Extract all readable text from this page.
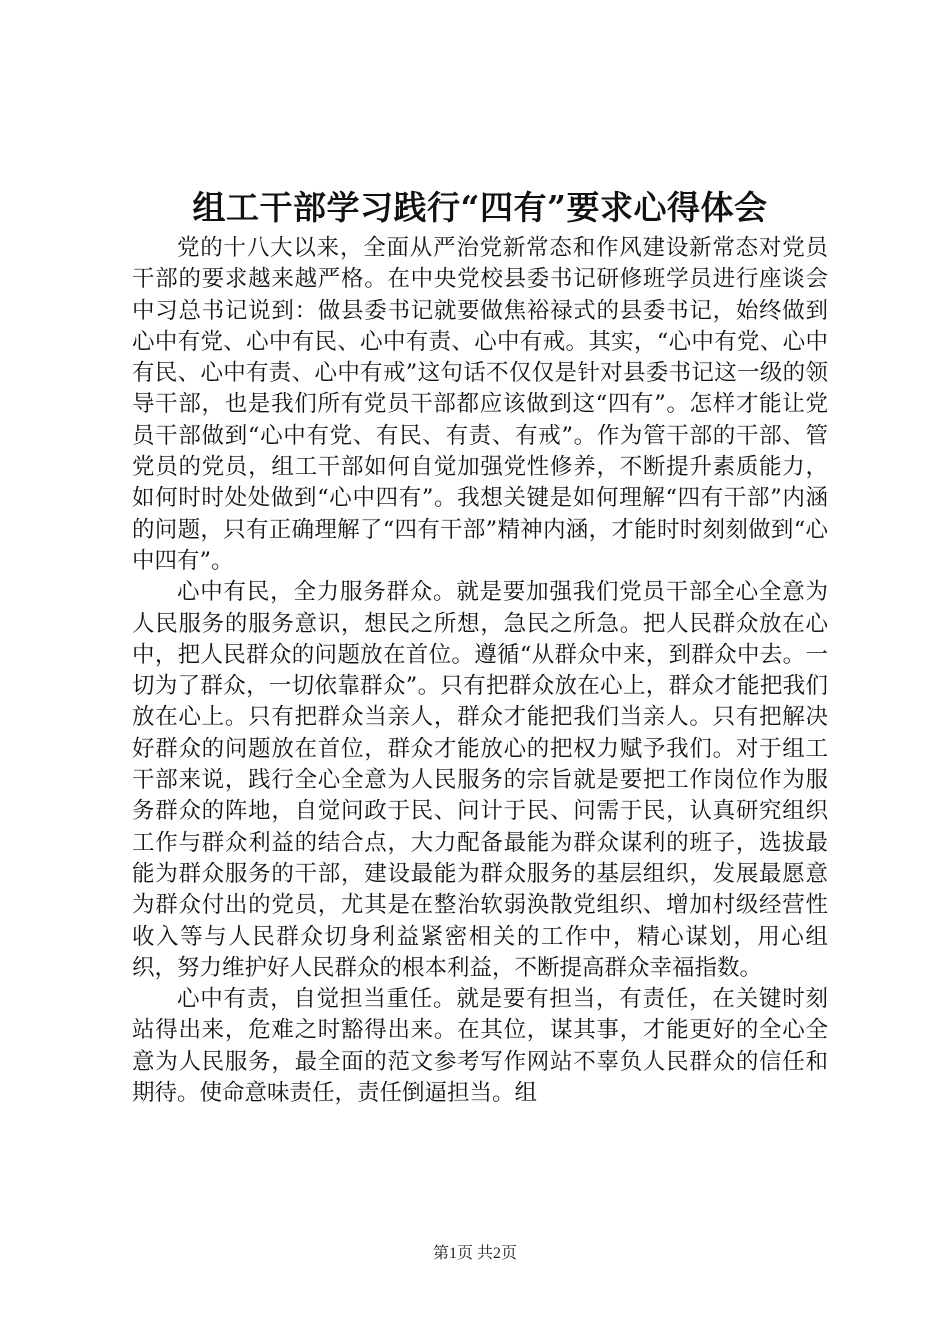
组工干部学习践行“四有”要求心得体会

党的十八大以来，全面从严治党新常态和作风建设新常态对党员干部的要求越来越严格。在中央党校县委书记研修班学员进行座谈会中习总书记说到：做县委书记就要做焦裕禄式的县委书记，始终做到心中有党、心中有民、心中有责、心中有戒。其实，“心中有党、心中有民、心中有责、心中有戒”这句话不仅仅是针对县委书记这一级的领导干部，也是我们所有党员干部都应该做到这“四有”。怎样才能让党员干部做到“心中有党、有民、有责、有戒”。作为管干部的干部、管党员的党员，组工干部如何自觉加强党性修养，不断提升素质能力，如何时时处处做到“心中四有”。我想关键是如何理解“四有干部”内涵的问题，只有正确理解了“四有干部”精神内涵，才能时时刻刻做到“心中四有”。

心中有民，全力服务群众。就是要加强我们党员干部全心全意为人民服务的服务意识，想民之所想，急民之所急。把人民群众放在心中，把人民群众的问题放在首位。遵循“从群众中来，到群众中去。一切为了群众，一切依靠群众”。只有把群众放在心上，群众才能把我们放在心上。只有把群众当亲人，群众才能把我们当亲人。只有把解决好群众的问题放在首位，群众才能放心的把权力赋予我们。对于组工干部来说，践行全心全意为人民服务的宗旨就是要把工作岗位作为服务群众的阵地，自觉问政于民、问计于民、问需于民，认真研究组织工作与群众利益的结合点，大力配备最能为群众谋利的班子，选拔最能为群众服务的干部，建设最能为群众服务的基层组织，发展最愿意为群众付出的党员，尤其是在整治软弱涣散党组织、增加村级经营性收入等与人民群众切身利益紧密相关的工作中，精心谋划，用心组织，努力维护好人民群众的根本利益，不断提高群众幸福指数。

心中有责，自觉担当重任。就是要有担当，有责任，在关键时刻站得出来，危难之时豁得出来。在其位，谋其事，才能更好的全心全意为人民服务，最全面的范文参考写作网站不辜负人民群众的信任和期待。使命意味责任，责任倒逼担当。组

第1页 共2页
